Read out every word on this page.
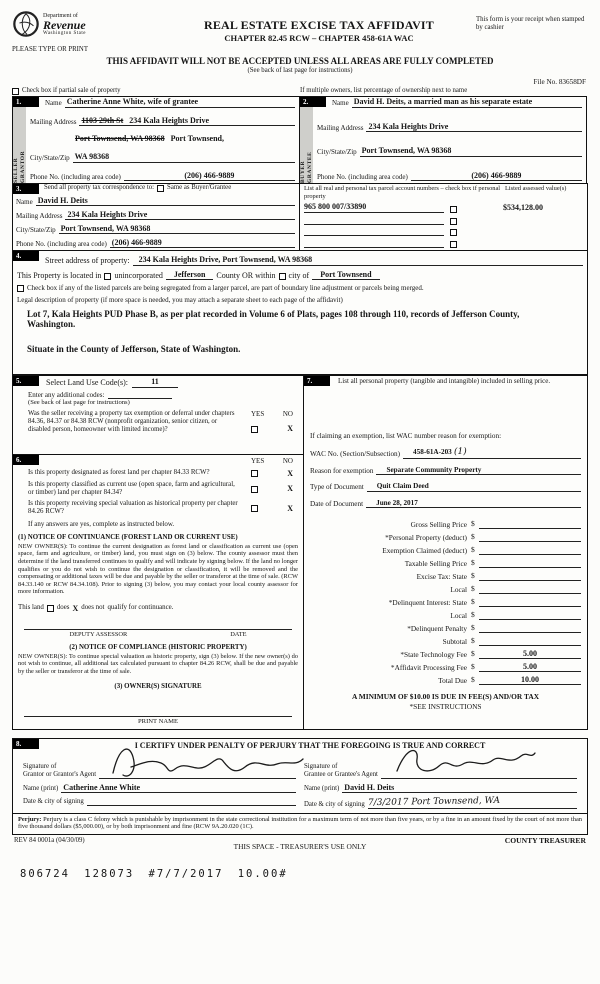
Department of
Revenue
Washington State
PLEASE TYPE OR PRINT
REAL ESTATE EXCISE TAX AFFIDAVIT
CHAPTER 82.45 RCW – CHAPTER 458-61A WAC
This form is your receipt when stamped by cashier
THIS AFFIDAVIT WILL NOT BE ACCEPTED UNLESS ALL AREAS ARE FULLY COMPLETED
(See back of last page for instructions)
File No. 83658DF
Check box if partial sale of property	If multiple owners, list percentage of ownership next to name
1.
SELLER GRANTOR
Name Catherine Anne White, wife of grantee
Mailing Address 1103 29th St 234 Kala Heights Drive
Port Townsend, WA 98368 Port Townsend,
City/State/Zip WA 98368
Phone No. (including area code)	(206) 466-9889
2.
BUYER GRANTEE
Name David H. Deits, a married man as his separate estate
Mailing Address 234 Kala Heights Drive
City/State/Zip Port Townsend, WA 98368
Phone No. (including area code)	(206) 466-9889
3.	Send all property tax correspondence to: Same as Buyer/Grantee
Name David H. Deits
Mailing Address 234 Kala Heights Drive
City/State/Zip Port Townsend, WA 98368
Phone No. (including area code) (206) 466-9889
List all real and personal tax parcel account numbers – check box if personal property
Listed assessed value(s)
965 800 007/33890	$534,128.00
4.	Street address of property:	234 Kala Heights Drive, Port Townsend, WA 98368
This Property is located in unincorporated	Jefferson	County OR within city of	Port Townsend
Check box if any of the listed parcels are being segregated from a larger parcel, are part of boundary line adjustment or parcels being merged.
Legal description of property (if more space is needed, you may attach a separate sheet to each page of the affidavit)
Lot 7, Kala Heights PUD Phase B, as per plat recorded in Volume 6 of Plats, pages 108 through 110, records of Jefferson County, Washington.
Situate in the County of Jefferson, State of Washington.
5.	Select Land Use Code(s):	11
Enter any additional codes:
(See back of last page for instructions)
Was the seller receiving a property tax exemption or deferral under chapters 84.36, 84.37 or 84.38 RCW (nonprofit organization, senior citizen, or disabled person, homeowner with limited income)?
YES	NO
X
6.	YES	NO
Is this property designated as forest land per chapter 84.33 RCW?	X
Is this property classified as current use (open space, farm and agricultural, or timber) land per chapter 84.34?	X
Is this property receiving special valuation as historical property per chapter 84.26 RCW?	X
If any answers are yes, complete as instructed below.
(1) NOTICE OF CONTINUANCE (FOREST LAND OR CURRENT USE)
NEW OWNER(S): To continue the current designation as forest land or classification as current use (open space, farm and agriculture, or timber) land, you must sign on (3) below. The county assessor must then determine if the land transferred continues to qualify and will indicate by signing below. If the land no longer qualifies or you do not wish to continue the designation or classification, it will be removed and the compensating or additional taxes will be due and payable by the seller or transferor at the time of sale. (RCW 84.33.140 or RCW 84.34.108). Prior to signing (3) below, you may contact your local county assessor for more information.
This land does X does not qualify for continuance.
DEPUTY ASSESSOR	DATE
(2) NOTICE OF COMPLIANCE (HISTORIC PROPERTY)
NEW OWNER(S): To continue special valuation as historic property, sign (3) below. If the new owner(s) do not wish to continue, all additional tax calculated pursuant to chapter 84.26 RCW, shall be due and payable by the seller or transferor at the time of sale.
(3) OWNER(S) SIGNATURE
PRINT NAME
7.	List all personal property (tangible and intangible) included in selling price.
If claiming an exemption, list WAC number reason for exemption:
WAC No. (Section/Subsection)	458-61A-203 (1)
Reason for exemption	Separate Community Property
Type of Document	Quit Claim Deed
Date of Document	June 28, 2017
Gross Selling Price $
*Personal Property (deduct) $
Exemption Claimed (deduct) $
Taxable Selling Price $
Excise Tax: State $
Local $
*Delinquent Interest: State $
Local $
*Delinquent Penalty $
Subtotal $
*State Technology Fee $	5.00
*Affidavit Processing Fee $	5.00
Total Due $	10.00
A MINIMUM OF $10.00 IS DUE IN FEE(S) AND/OR TAX
*SEE INSTRUCTIONS
8.	I CERTIFY UNDER PENALTY OF PERJURY THAT THE FOREGOING IS TRUE AND CORRECT
Signature of
Grantor or Grantor's Agent
Name (print) Catherine Anne White
Date & city of signing
Signature of
Grantee or Grantee's Agent
Name (print) David H. Deits
Date & city of signing 7/3/2017 Port Townsend, WA
Perjury: Perjury is a class C felony which is punishable by imprisonment in the state correctional institution for a maximum term of not more than five years, or by a fine in an amount fixed by the court of not more than five thousand dollars ($5,000.00), or by both imprisonment and fine (RCW 9A.20.020 (1C).
REV 84 0001a (04/30/09)
THIS SPACE - TREASURER'S USE ONLY
COUNTY TREASURER
806724 128073 #7/7/2017 10.00#
